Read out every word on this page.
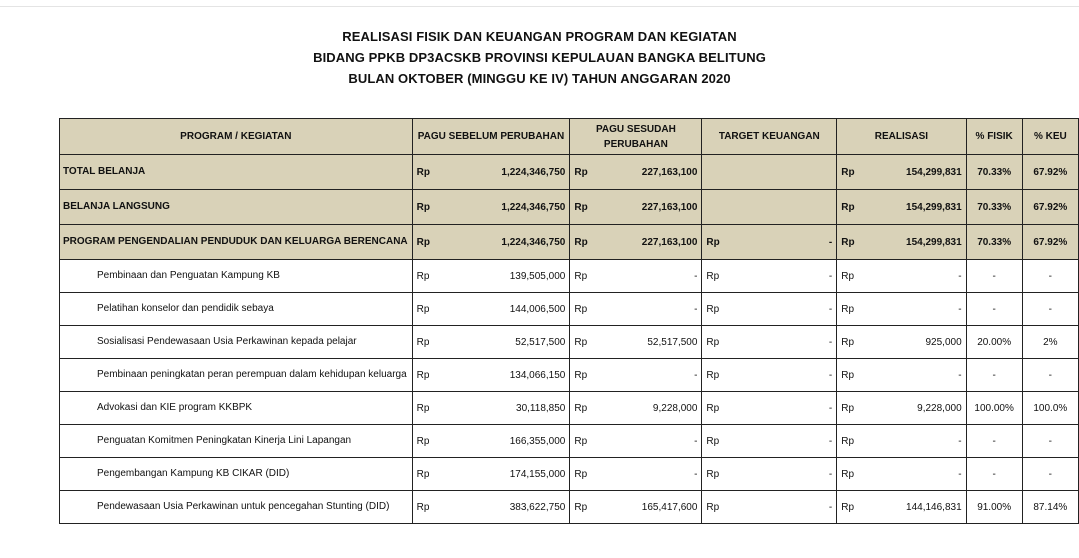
REALISASI FISIK DAN KEUANGAN PROGRAM DAN KEGIATAN
BIDANG PPKB DP3ACSKB PROVINSI KEPULAUAN BANGKA BELITUNG
BULAN OKTOBER (MINGGU KE IV) TAHUN ANGGARAN 2020
PROGRAM / KEGIATAN	PAGU SEBELUM PERUBAHAN		PAGU SESUDAH PERUBAHAN		TARGET KEUANGAN		REALISASI		% FISIK	% KEU
TOTAL BELANJA	Rp	1,224,346,750	Rp	227,163,100			Rp	154,299,831	70.33%	67.92%
BELANJA LANGSUNG	Rp	1,224,346,750	Rp	227,163,100			Rp	154,299,831	70.33%	67.92%
PROGRAM PENGENDALIAN PENDUDUK DAN KELUARGA BERENCANA	Rp	1,224,346,750	Rp	227,163,100	Rp	-	Rp	154,299,831	70.33%	67.92%
Pembinaan dan Penguatan Kampung KB	Rp	139,505,000	Rp	-	Rp	-	Rp	-	-	-
Pelatihan konselor dan pendidik sebaya	Rp	144,006,500	Rp	-	Rp	-	Rp	-	-	-
Sosialisasi Pendewasaan Usia Perkawinan kepada pelajar	Rp	52,517,500	Rp	52,517,500	Rp	-	Rp	925,000	20.00%	2%
Pembinaan peningkatan peran perempuan dalam kehidupan keluarga	Rp	134,066,150	Rp	-	Rp	-	Rp	-	-	-
Advokasi dan KIE program KKBPK	Rp	30,118,850	Rp	9,228,000	Rp	-	Rp	9,228,000	100.00%	100.0%
Penguatan Komitmen Peningkatan Kinerja Lini Lapangan	Rp	166,355,000	Rp	-	Rp	-	Rp	-	-	-
Pengembangan Kampung KB CIKAR (DID)	Rp	174,155,000	Rp	-	Rp	-	Rp	-	-	-
Pendewasaan Usia Perkawinan untuk pencegahan Stunting (DID)	Rp	383,622,750	Rp	165,417,600	Rp	-	Rp	144,146,831	91.00%	87.14%
